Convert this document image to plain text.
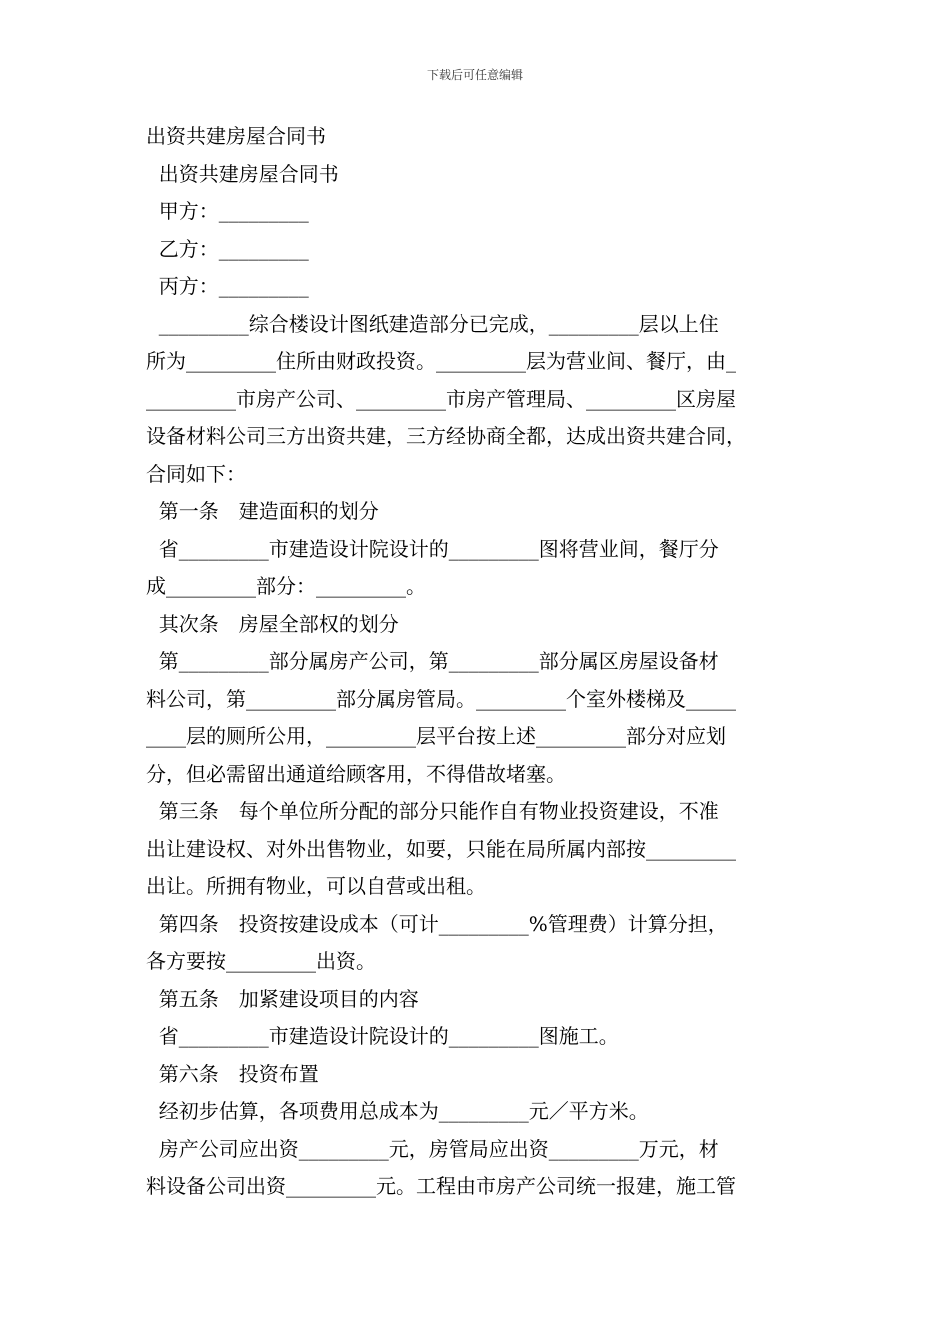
下载后可任意编辑

出资共建房屋合同书

出资共建房屋合同书

甲方：_________

乙方：_________

丙方：_________

_________综合楼设计图纸建造部分已完成，_________层以上住

所为_________住所由财政投资。_________层为营业间、餐厅，由_

_________市房产公司、_________市房产管理局、_________区房屋

设备材料公司三方出资共建，三方经协商全都，达成出资共建合同，

合同如下：

第一条　建造面积的划分

省_________市建造设计院设计的_________图将营业间，餐厅分

成_________部分：_________。

其次条　房屋全部权的划分

第_________部分属房产公司，第_________部分属区房屋设备材

料公司，第_________部分属房管局。_________个室外楼梯及_____

____层的厕所公用，_________层平台按上述_________部分对应划

分，但必需留出通道给顾客用，不得借故堵塞。

第三条　每个单位所分配的部分只能作自有物业投资建设，不准

出让建设权、对外出售物业，如要，只能在局所属内部按_________

出让。所拥有物业，可以自营或出租。

第四条　投资按建设成本（可计_________%管理费）计算分担，

各方要按_________出资。

第五条　加紧建设项目的内容

省_________市建造设计院设计的_________图施工。

第六条　投资布置

经初步估算，各项费用总成本为_________元／平方米。

房产公司应出资_________元，房管局应出资_________万元，材

料设备公司出资_________元。工程由市房产公司统一报建，施工管
